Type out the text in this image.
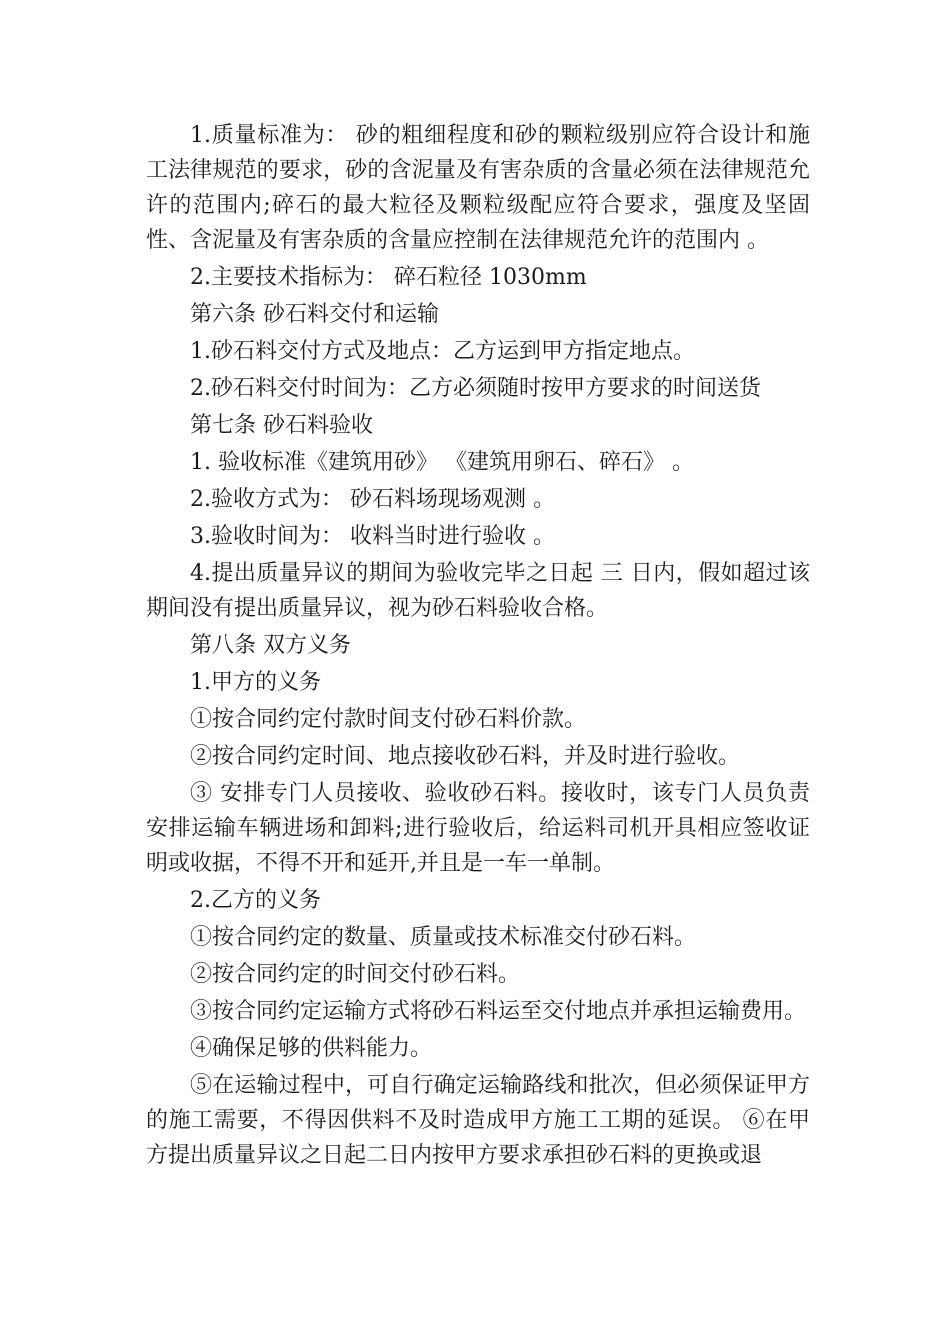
1.质量标准为： 砂的粗细程度和砂的颗粒级别应符合设计和施工法律规范的要求，砂的含泥量及有害杂质的含量必须在法律规范允许的范围内;碎石的最大粒径及颗粒级配应符合要求，强度及坚固性、含泥量及有害杂质的含量应控制在法律规范允许的范围内 。

2.主要技术指标为： 碎石粒径 1030mm

第六条 砂石料交付和运输

1.砂石料交付方式及地点：乙方运到甲方指定地点。

2.砂石料交付时间为：乙方必须随时按甲方要求的时间送货

第七条 砂石料验收

1. 验收标准《建筑用砂》 《建筑用卵石、碎石》 。

2.验收方式为： 砂石料场现场观测 。

3.验收时间为： 收料当时进行验收 。

4.提出质量异议的期间为验收完毕之日起 三 日内，假如超过该期间没有提出质量异议，视为砂石料验收合格。

第八条 双方义务

1.甲方的义务

①按合同约定付款时间支付砂石料价款。

②按合同约定时间、地点接收砂石料，并及时进行验收。

③ 安排专门人员接收、验收砂石料。接收时，该专门人员负责安排运输车辆进场和卸料;进行验收后，给运料司机开具相应签收证明或收据，不得不开和延开,并且是一车一单制。

2.乙方的义务

①按合同约定的数量、质量或技术标准交付砂石料。

②按合同约定的时间交付砂石料。

③按合同约定运输方式将砂石料运至交付地点并承担运输费用。

④确保足够的供料能力。

⑤在运输过程中，可自行确定运输路线和批次，但必须保证甲方的施工需要，不得因供料不及时造成甲方施工工期的延误。 ⑥在甲方提出质量异议之日起二日内按甲方要求承担砂石料的更换或退
